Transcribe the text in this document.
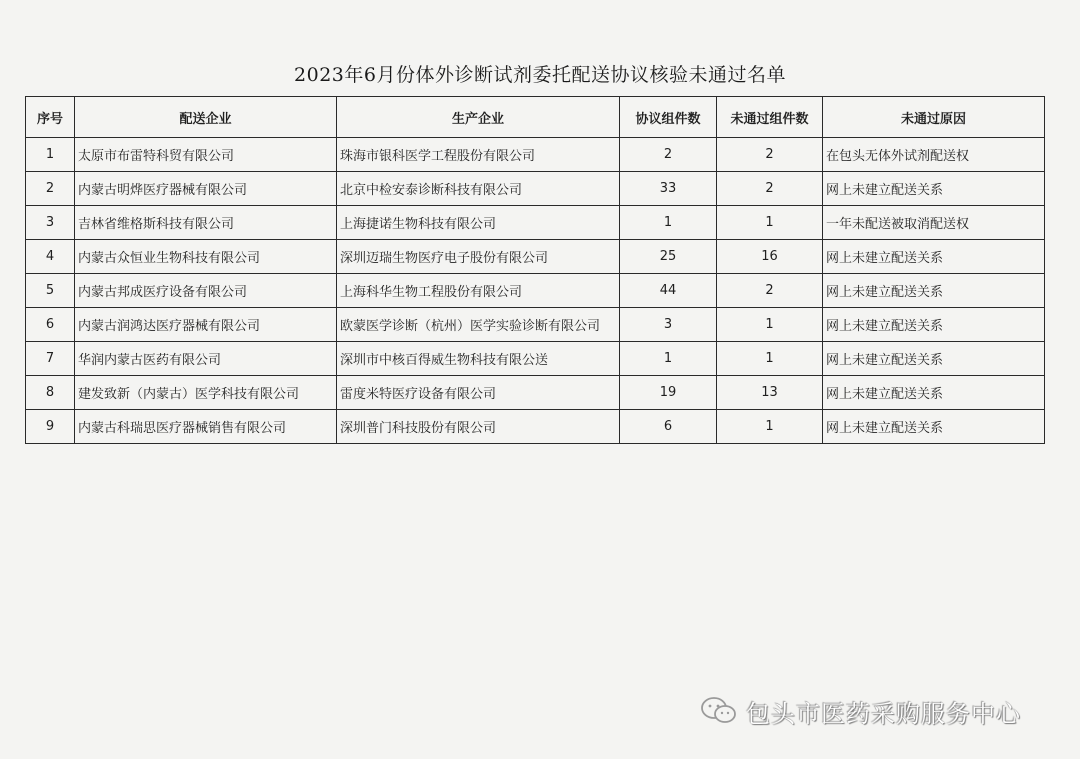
2023年6月份体外诊断试剂委托配送协议核验未通过名单
序号	配送企业	生产企业	协议组件数	未通过组件数	未通过原因
1	太原市布雷特科贸有限公司	珠海市银科医学工程股份有限公司	2	2	在包头无体外试剂配送权
2	内蒙古明烨医疗器械有限公司	北京中检安泰诊断科技有限公司	33	2	网上未建立配送关系
3	吉林省维格斯科技有限公司	上海捷诺生物科技有限公司	1	1	一年未配送被取消配送权
4	内蒙古众恒业生物科技有限公司	深圳迈瑞生物医疗电子股份有限公司	25	16	网上未建立配送关系
5	内蒙古邦成医疗设备有限公司	上海科华生物工程股份有限公司	44	2	网上未建立配送关系
6	内蒙古润鸿达医疗器械有限公司	欧蒙医学诊断（杭州）医学实验诊断有限公司	3	1	网上未建立配送关系
7	华润内蒙古医药有限公司	深圳市中核百得威生物科技有限公送	1	1	网上未建立配送关系
8	建发致新（内蒙古）医学科技有限公司	雷度米特医疗设备有限公司	19	13	网上未建立配送关系
9	内蒙古科瑞思医疗器械销售有限公司	深圳普门科技股份有限公司	6	1	网上未建立配送关系
包头市医药采购服务中心
